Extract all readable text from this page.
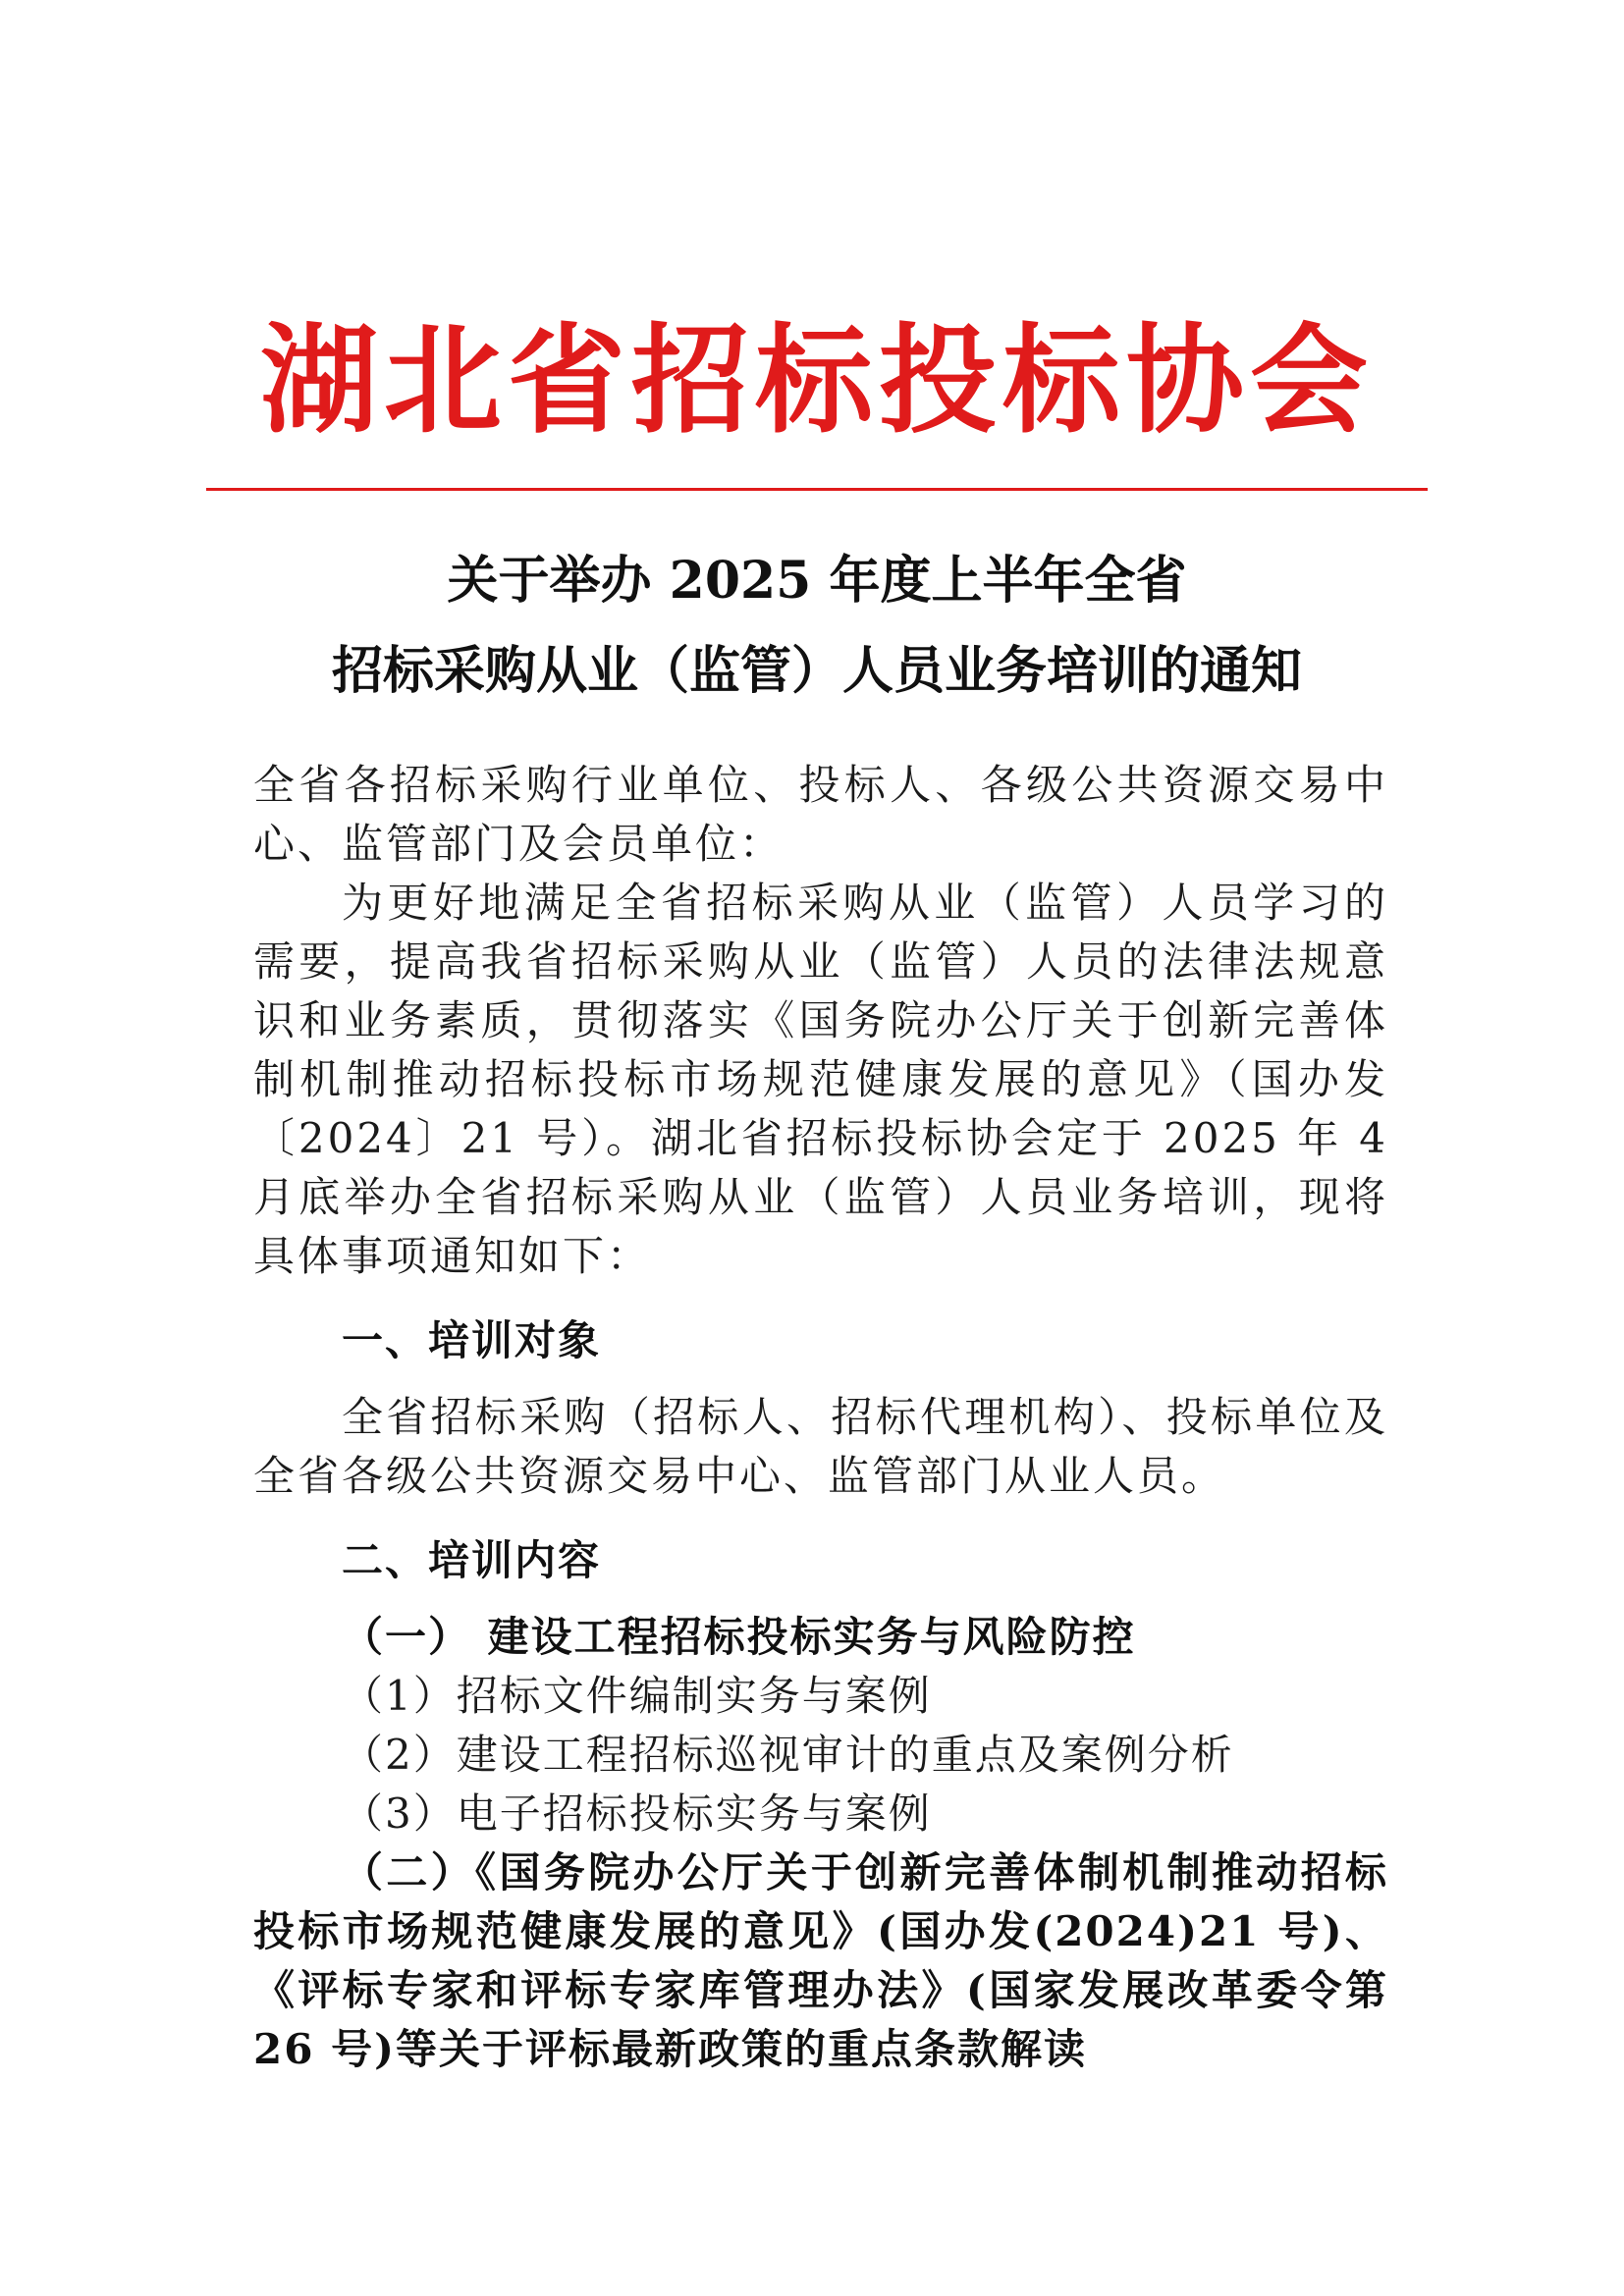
湖北省招标投标协会
关于举办 2025 年度上半年全省
招标采购从业（监管）人员业务培训的通知

全省各招标采购行业单位、投标人、各级公共资源交易中心、监管部门及会员单位：

为更好地满足全省招标采购从业（监管）人员学习的需要，提高我省招标采购从业（监管）人员的法律法规意识和业务素质，贯彻落实《国务院办公厅关于创新完善体制机制推动招标投标市场规范健康发展的意见》（国办发〔2024〕21 号）。湖北省招标投标协会定于 2025 年 4 月底举办全省招标采购从业（监管）人员业务培训，现将具体事项通知如下：

一、培训对象

全省招标采购（招标人、招标代理机构）、投标单位及全省各级公共资源交易中心、监管部门从业人员。

二、培训内容

（一） 建设工程招标投标实务与风险防控

（1）招标文件编制实务与案例

（2）建设工程招标巡视审计的重点及案例分析

（3）电子招标投标实务与案例

（二）《国务院办公厅关于创新完善体制机制推动招标投标市场规范健康发展的意见》(国办发(2024)21 号)、《评标专家和评标专家库管理办法》(国家发展改革委令第 26 号)等关于评标最新政策的重点条款解读
